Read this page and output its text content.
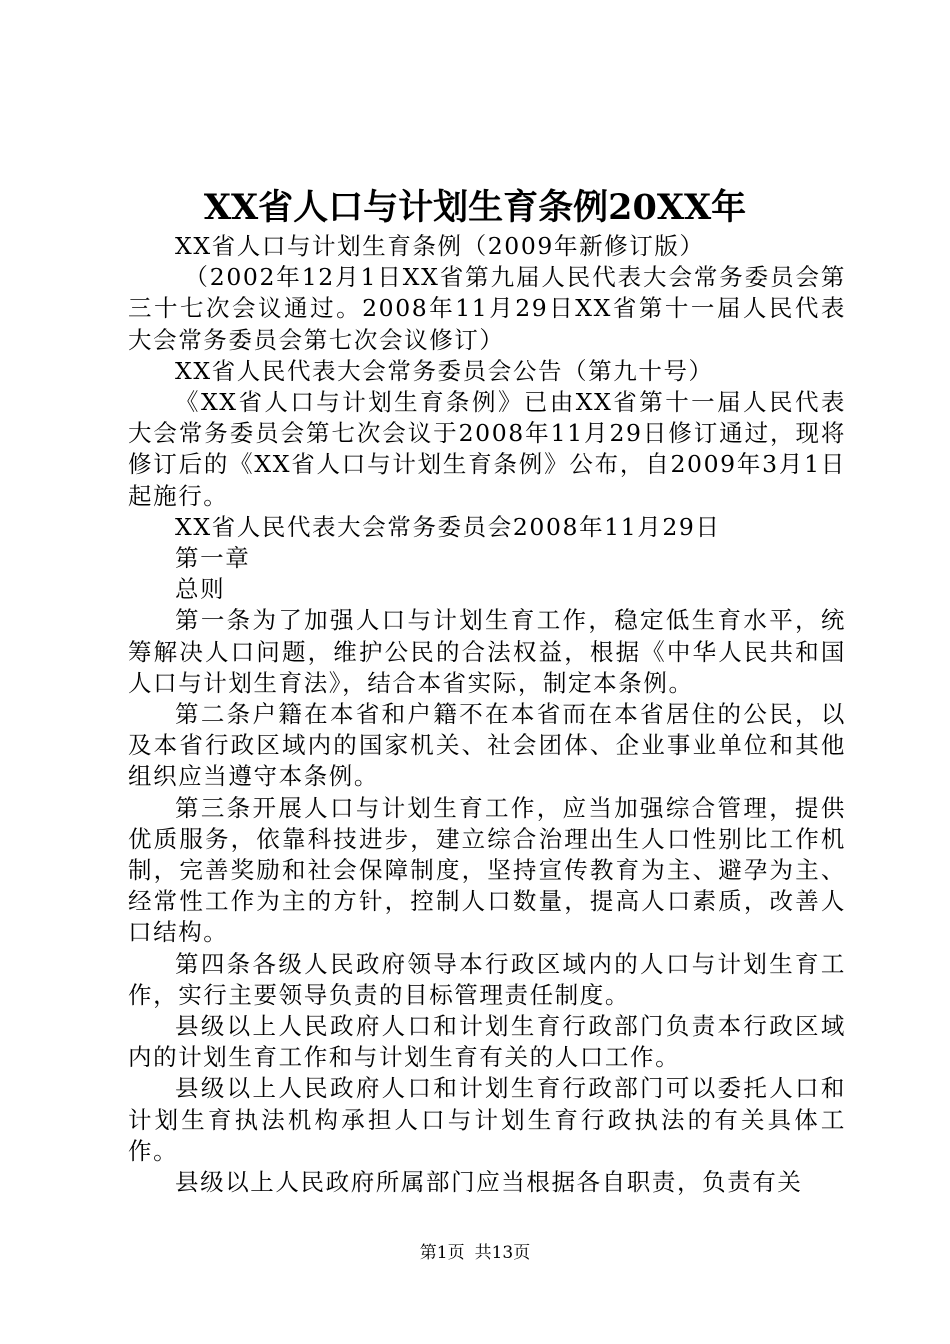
XX省人口与计划生育条例20XX年

XX省人口与计划生育条例（2009年新修订版）

（2002年12月1日XX省第九届人民代表大会常务委员会第三十七次会议通过。2008年11月29日XX省第十一届人民代表大会常务委员会第七次会议修订）

XX省人民代表大会常务委员会公告（第九十号）

《XX省人口与计划生育条例》已由XX省第十一届人民代表大会常务委员会第七次会议于2008年11月29日修订通过，现将修订后的《XX省人口与计划生育条例》公布，自2009年3月1日起施行。

XX省人民代表大会常务委员会2008年11月29日

第一章

总则

第一条为了加强人口与计划生育工作，稳定低生育水平，统筹解决人口问题，维护公民的合法权益，根据《中华人民共和国人口与计划生育法》，结合本省实际，制定本条例。

第二条户籍在本省和户籍不在本省而在本省居住的公民，以及本省行政区域内的国家机关、社会团体、企业事业单位和其他组织应当遵守本条例。

第三条开展人口与计划生育工作，应当加强综合管理，提供优质服务，依靠科技进步，建立综合治理出生人口性别比工作机制，完善奖励和社会保障制度，坚持宣传教育为主、避孕为主、经常性工作为主的方针，控制人口数量，提高人口素质，改善人口结构。

第四条各级人民政府领导本行政区域内的人口与计划生育工作，实行主要领导负责的目标管理责任制度。

县级以上人民政府人口和计划生育行政部门负责本行政区域内的计划生育工作和与计划生育有关的人口工作。

县级以上人民政府人口和计划生育行政部门可以委托人口和计划生育执法机构承担人口与计划生育行政执法的有关具体工作。

县级以上人民政府所属部门应当根据各自职责，负责有关

第1页 共13页
